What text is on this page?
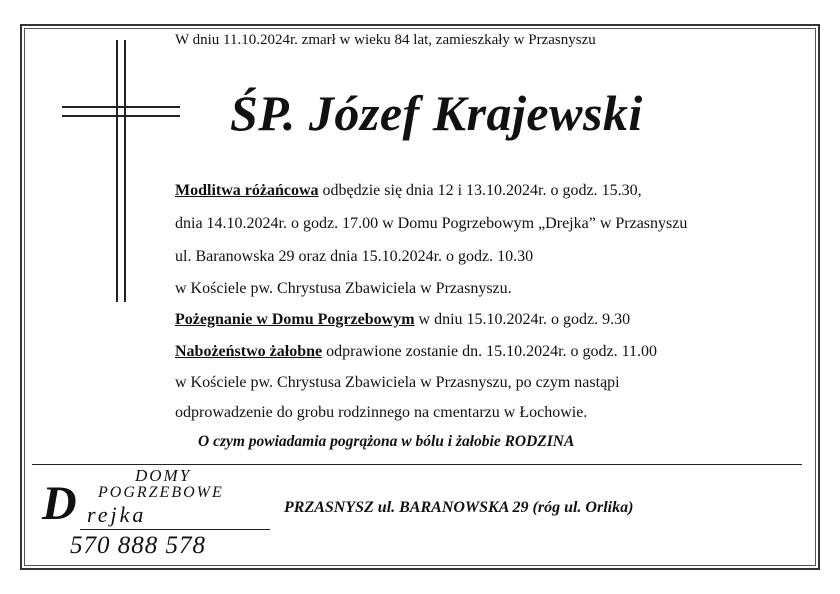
W dniu 11.10.2024r. zmarł w wieku 84 lat, zamieszkały w Przasnyszu
ŚP. Józef Krajewski
Modlitwa różańcowa odbędzie się dnia 12 i 13.10.2024r. o godz. 15.30,
dnia 14.10.2024r. o godz. 17.00 w Domu Pogrzebowym „Drejka” w Przasnyszu
ul. Baranowska 29 oraz dnia 15.10.2024r. o godz. 10.30
w Kościele pw. Chrystusa Zbawiciela w Przasnyszu.
Pożegnanie w Domu Pogrzebowym w dniu 15.10.2024r. o godz. 9.30
Nabożeństwo żałobne odprawione zostanie dn. 15.10.2024r. o godz. 11.00
w Kościele pw. Chrystusa Zbawiciela w Przasnyszu, po czym nastąpi
odprowadzenie do grobu rodzinnego na cmentarzu w Łochowie.
O czym powiadamia pogrążona w bólu i żałobie RODZINA
DOMY
POGRZEBOWE
D rejka
570 888 578
PRZASNYSZ ul. BARANOWSKA 29 (róg ul. Orlika)
